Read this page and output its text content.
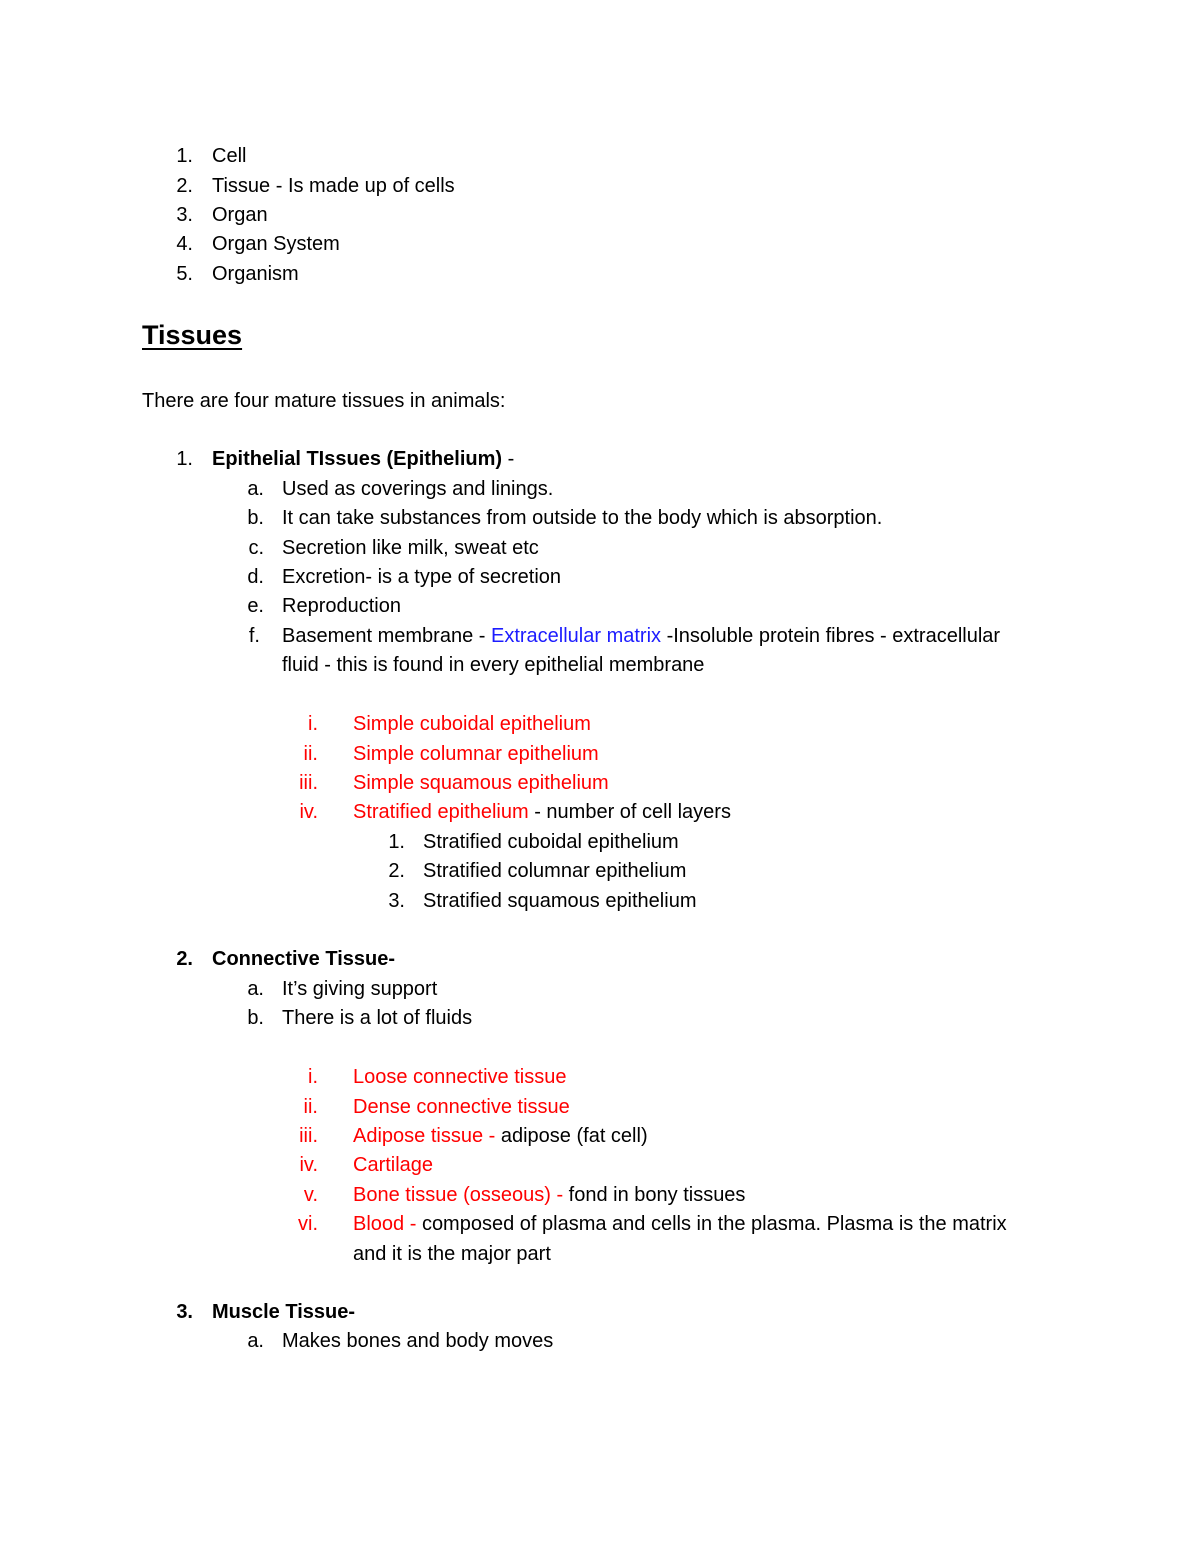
1. Cell
2. Tissue - Is made up of cells
3. Organ
4. Organ System
5. Organism
Tissues
There are four mature tissues in animals:
1. Epithelial TIssues (Epithelium) -
a. Used as coverings and linings.
b. It can take substances from outside to the body which is absorption.
c. Secretion like milk, sweat etc
d. Excretion- is a type of secretion
e. Reproduction
f. Basement membrane - Extracellular matrix -Insoluble protein fibres - extracellular
fluid - this is found in every epithelial membrane
i. Simple cuboidal epithelium
ii. Simple columnar epithelium
iii. Simple squamous epithelium
iv. Stratified epithelium - number of cell layers
1. Stratified cuboidal epithelium
2. Stratified columnar epithelium
3. Stratified squamous epithelium
2. Connective Tissue-
a. It’s giving support
b. There is a lot of fluids
i. Loose connective tissue
ii. Dense connective tissue
iii. Adipose tissue - adipose (fat cell)
iv. Cartilage
v. Bone tissue (osseous) - fond in bony tissues
vi. Blood - composed of plasma and cells in the plasma. Plasma is the matrix
and it is the major part
3. Muscle Tissue-
a. Makes bones and body moves
